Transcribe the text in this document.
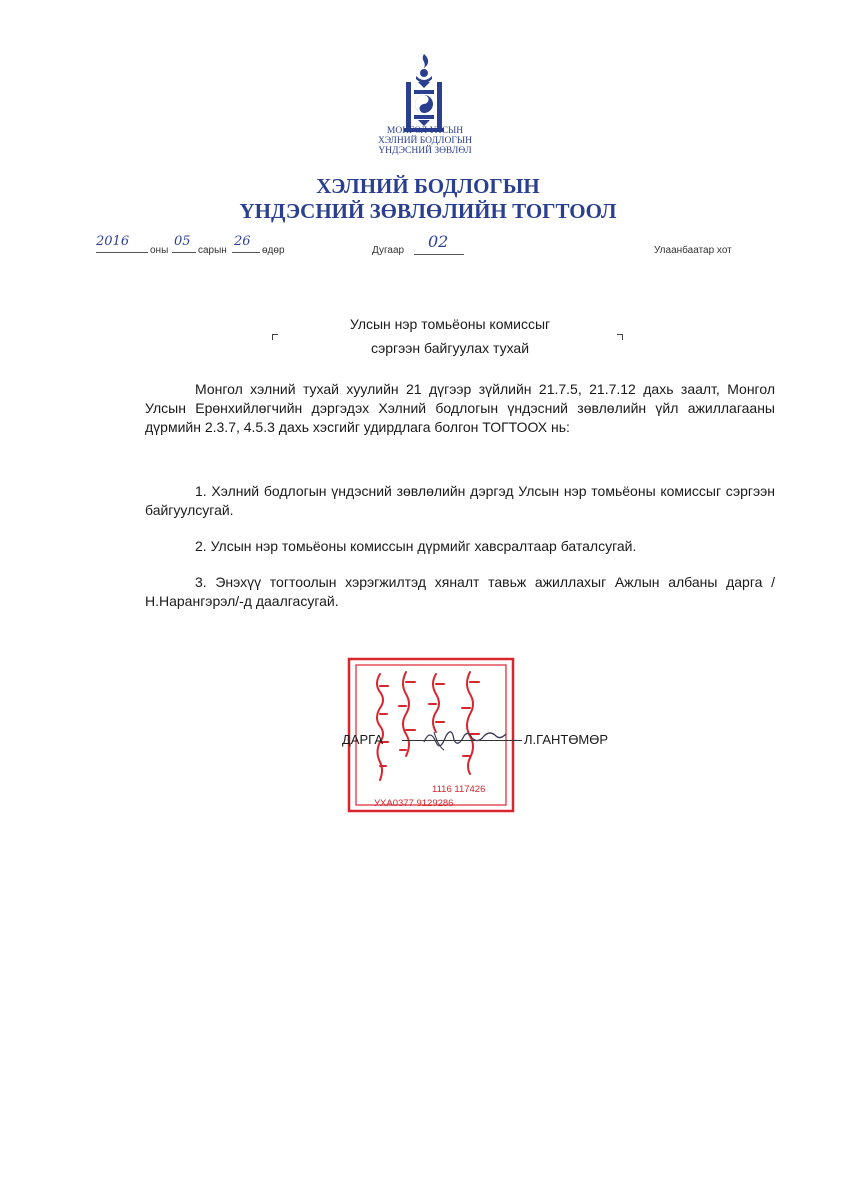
МОНГОЛ УЛСЫН
ХЭЛНИЙ БОДЛОГЫН
ҮНДЭСНИЙ ЗӨВЛӨЛ
ХЭЛНИЙ БОДЛОГЫН
ҮНДЭСНИЙ ЗӨВЛӨЛИЙН ТОГТООЛ
2016
оны
05
сарын
26
өдөр	Дугаар 02	Улаанбаатар хот
Улсын нэр томьёоны комиссыг
сэргээн байгуулах тухай
Монгол хэлний тухай хуулийн 21 дүгээр зүйлийн 21.7.5, 21.7.12 дахь заалт, Монгол Улсын Ерөнхийлөгчийн дэргэдэх Хэлний бодлогын үндэсний зөвлөлийн үйл ажиллагааны дүрмийн 2.3.7, 4.5.3 дахь хэсгийг удирдлага болгон ТОГТООХ нь:
1. Хэлний бодлогын үндэсний зөвлөлийн дэргэд Улсын нэр томьёоны комиссыг сэргээн байгуулсугай.
2. Улсын нэр томьёоны комиссын дүрмийг хавсралтаар баталсугай.
3. Энэхүү тогтоолын хэрэгжилтэд хяналт тавьж ажиллахыг Ажлын албаны дарга /Н.Нарангэрэл/-д даалгасугай.
1116 117426
УХА0377 9129286
ДАРГА	Л.ГАНТӨМӨР
